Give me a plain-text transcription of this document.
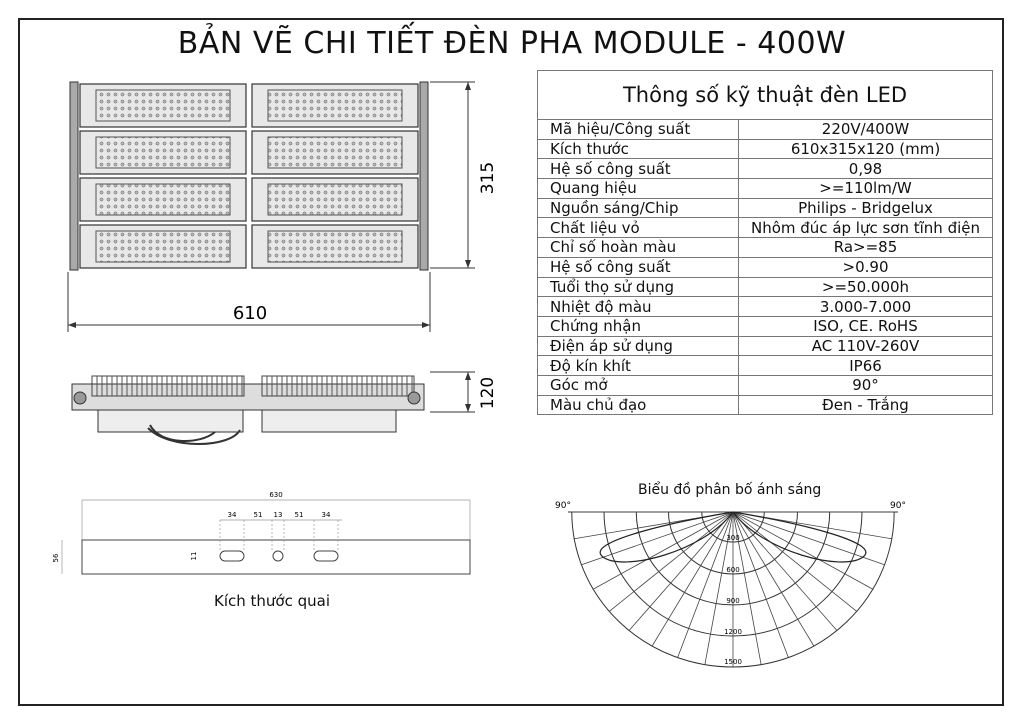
BẢN VẼ CHI TIẾT ĐÈN PHA MODULE - 400W
315
610
120
630
56	11
34 51 13 51	34
90°	90°
300
600
900
1200
1500
Thông số kỹ thuật đèn LED	
Mã hiệu/Công suất	220V/400W
Kích thước	610x315x120 (mm)
Hệ số công suất	0,98
Quang hiệu	>=110lm/W
Nguồn sáng/Chip	Philips - Bridgelux
Chất liệu vỏ	Nhôm đúc áp lực sơn tĩnh điện
Chỉ số hoàn màu	Ra>=85
Hệ số công suất	>0.90
Tuổi thọ sử dụng	>=50.000h
Nhiệt độ màu	3.000-7.000
Chứng nhận	ISO, CE. RoHS
Điện áp sử dụng	AC 110V-260V
Độ kín khít	IP66
Góc mở	90°
Màu chủ đạo	Đen - Trắng
Kích thước quai
Biểu đồ phân bố ánh sáng
